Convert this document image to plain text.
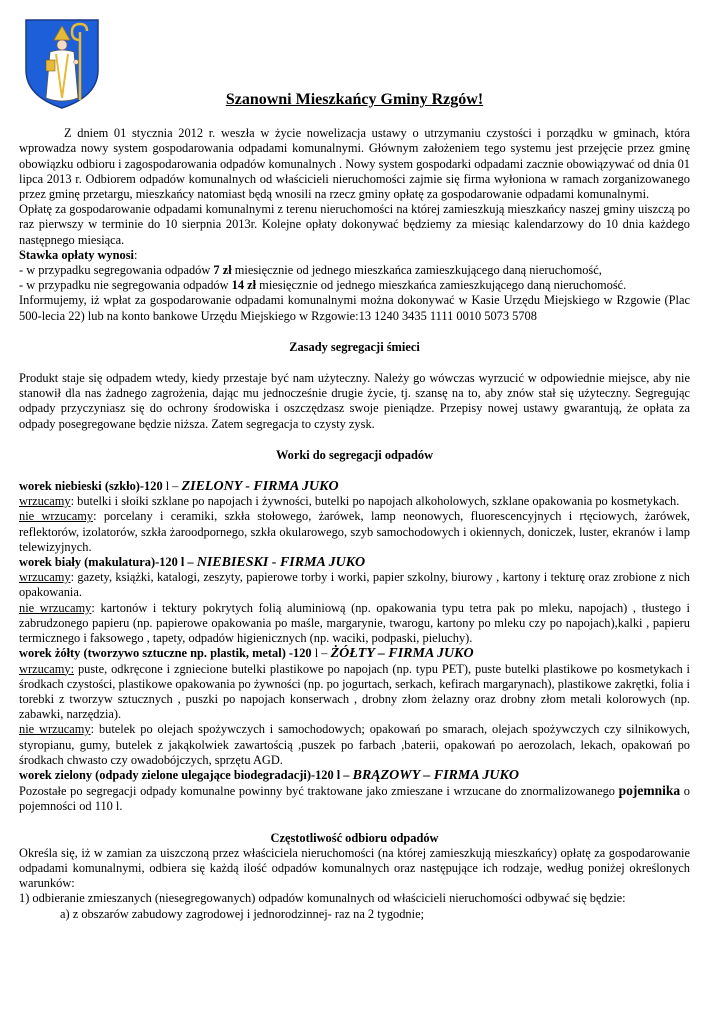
Szanowni Mieszkańcy Gminy Rzgów!

Z dniem 01 stycznia 2012 r. weszła w życie nowelizacja ustawy o utrzymaniu czystości i porządku w gminach, która wprowadza nowy system gospodarowania odpadami komunalnymi. Głównym założeniem tego systemu jest przejęcie przez gminę obowiązku odbioru i zagospodarowania odpadów komunalnych . Nowy system gospodarki odpadami zacznie obowiązywać od dnia 01 lipca 2013 r. Odbiorem odpadów komunalnych od właścicieli nieruchomości zajmie się firma wyłoniona w ramach zorganizowanego przez gminę przetargu, mieszkańcy natomiast będą wnosili na rzecz gminy opłatę za gospodarowanie odpadami komunalnymi.

Opłatę za gospodarowanie odpadami komunalnymi z terenu nieruchomości na której zamieszkują mieszkańcy naszej gminy uiszczą po raz pierwszy w terminie do 10 sierpnia 2013r. Kolejne opłaty dokonywać będziemy za miesiąc kalendarzowy do 10 dnia każdego następnego miesiąca.

Stawka opłaty wynosi:

- w przypadku segregowania odpadów 7 zł miesięcznie od jednego mieszkańca zamieszkującego daną nieruchomość,

- w przypadku nie segregowania odpadów 14 zł miesięcznie od jednego mieszkańca zamieszkującego daną nieruchomość.

Informujemy, iż wpłat za gospodarowanie odpadami komunalnymi można dokonywać w Kasie Urzędu Miejskiego w Rzgowie (Plac 500-lecia 22) lub na konto bankowe Urzędu Miejskiego w Rzgowie:13 1240 3435 1111 0010 5073 5708

Zasady segregacji śmieci

Produkt staje się odpadem wtedy, kiedy przestaje być nam użyteczny. Należy go wówczas wyrzucić w odpowiednie miejsce, aby nie stanowił dla nas żadnego zagrożenia, dając mu jednocześnie drugie życie, tj. szansę na to, aby znów stał się użyteczny. Segregując odpady przyczyniasz się do ochrony środowiska i oszczędzasz swoje pieniądze. Przepisy nowej ustawy gwarantują, że opłata za odpady posegregowane będzie niższa. Zatem segregacja to czysty zysk.

Worki do segregacji odpadów

worek niebieski (szkło)-120 l – ZIELONY - FIRMA JUKO

wrzucamy: butelki i słoiki szklane po napojach i żywności, butelki po napojach alkoholowych, szklane opakowania po kosmetykach.

nie wrzucamy: porcelany i ceramiki, szkła stołowego, żarówek, lamp neonowych, fluorescencyjnych i rtęciowych, żarówek, reflektorów, izolatorów, szkła żaroodpornego, szkła okularowego, szyb samochodowych i okiennych, doniczek, luster, ekranów i lamp telewizyjnych.

worek biały (makulatura)-120 l – NIEBIESKI - FIRMA JUKO

wrzucamy: gazety, książki, katalogi, zeszyty, papierowe torby i worki, papier szkolny, biurowy , kartony i tekturę oraz zrobione z nich opakowania.

nie wrzucamy: kartonów i tektury pokrytych folią aluminiową (np. opakowania typu tetra pak po mleku, napojach) , tłustego i zabrudzonego papieru (np. papierowe opakowania po maśle, margarynie, twarogu, kartony po mleku czy po napojach),kalki , papieru termicznego i faksowego , tapety, odpadów higienicznych (np. waciki, podpaski, pieluchy).

worek żółty (tworzywo sztuczne np. plastik, metal) -120 l – ŻÓŁTY – FIRMA JUKO

wrzucamy: puste, odkręcone i zgniecione butelki plastikowe po napojach (np. typu PET), puste butelki plastikowe po kosmetykach i środkach czystości, plastikowe opakowania po żywności (np. po jogurtach, serkach, kefirach margarynach), plastikowe zakrętki, folia i torebki z tworzyw sztucznych , puszki po napojach konserwach , drobny złom żelazny oraz drobny złom metali kolorowych (np. zabawki, narzędzia).

nie wrzucamy: butelek po olejach spożywczych i samochodowych; opakowań po smarach, olejach spożywczych czy silnikowych, styropianu, gumy, butelek z jakąkolwiek zawartością ,puszek po farbach ,baterii, opakowań po aerozolach, lekach, opakowań po środkach chwasto czy owadobójczych, sprzętu AGD.

worek zielony (odpady zielone ulegające biodegradacji)-120 l – BRĄZOWY – FIRMA JUKO

Pozostałe po segregacji odpady komunalne powinny być traktowane jako zmieszane i wrzucane do znormalizowanego pojemnika o pojemności od 110 l.

Częstotliwość odbioru odpadów

Określa się, iż w zamian za uiszczoną przez właściciela nieruchomości (na której zamieszkują mieszkańcy) opłatę za gospodarowanie odpadami komunalnymi, odbiera się każdą ilość odpadów komunalnych oraz następujące ich rodzaje, według poniżej określonych warunków:

1) odbieranie zmieszanych (niesegregowanych) odpadów komunalnych od właścicieli nieruchomości odbywać się będzie:

a) z obszarów zabudowy zagrodowej i jednorodzinnej- raz na 2 tygodnie;
